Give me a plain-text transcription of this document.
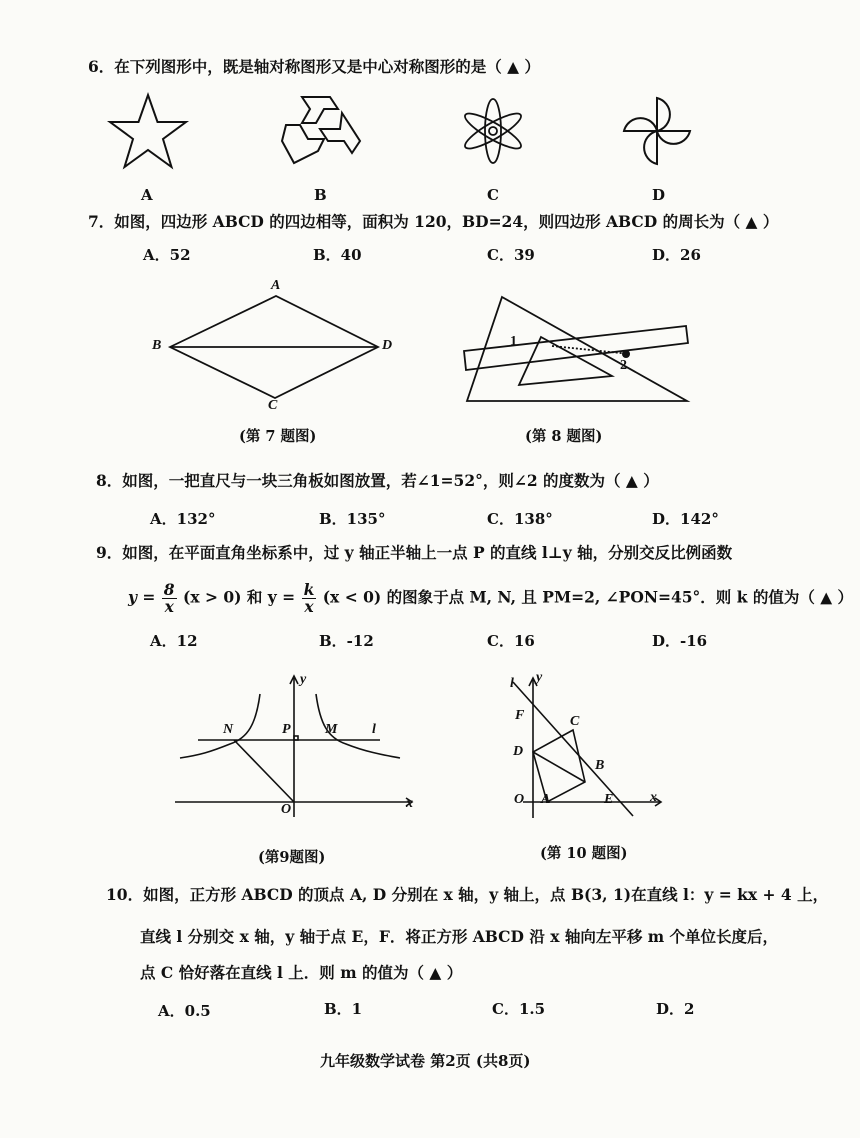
6．在下列图形中，既是轴对称图形又是中心对称图形的是（ ▲ ）
A	B	C	D
7．如图，四边形 ABCD 的四边相等，面积为 120，BD=24，则四边形 ABCD 的周长为（ ▲ ）
A．52	B．40	C．39	D．26
A
B
C
D
(第 7 题图)
1
2
(第 8 题图)
8．如图，一把直尺与一块三角板如图放置，若∠1=52°，则∠2 的度数为（ ▲ ）
A．132°	B．135°	C．138°	D．142°
9．如图，在平面直角坐标系中，过 y 轴正半轴上一点 P 的直线 l⊥y 轴，分别交反比例函数
$y = \frac{8}{x} (x > 0)$ 和 $y = \frac{k}{x} (x < 0)$ 的图象于点 M, N, 且 PM=2, ∠PON=45°．则 k 的值为（ ▲ ）
A．12	B．-12	C．16	D．-16
y
x
N	P M l
O
(第9题图)
l y
F	C
D
B
O A	E	x
(第 10 题图)
10．如图，正方形 ABCD 的顶点 A, D 分别在 x 轴，y 轴上，点 B(3, 1)在直线 l：y = kx + 4 上，
直线 l 分别交 x 轴，y 轴于点 E，F．将正方形 ABCD 沿 x 轴向左平移 m 个单位长度后，
点 C 恰好落在直线 l 上．则 m 的值为（ ▲ ）
A．0.5	B．1	C．1.5	D．2
九年级数学试卷 第2页 (共8页)
